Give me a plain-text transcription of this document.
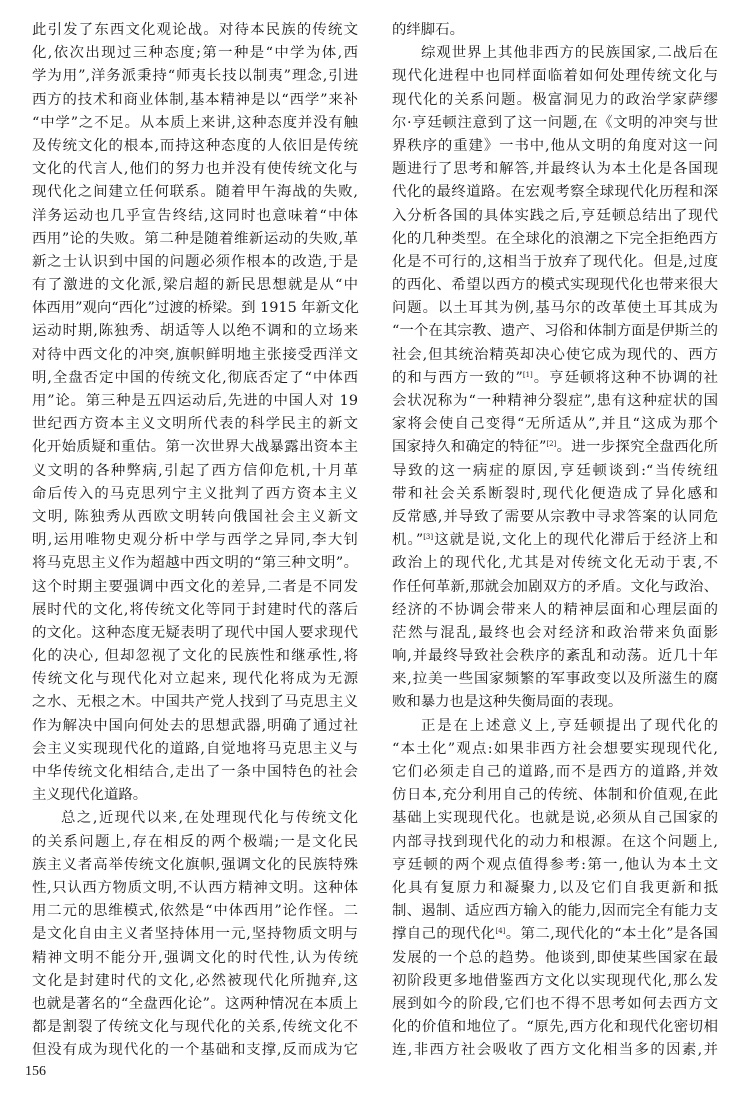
此引发了东西文化观论战。对待本民族的传统文
化,依次出现过三种态度;第一种是“中学为体,西
学为用”,洋务派秉持“师夷长技以制夷”理念,引进
西方的技术和商业体制,基本精神是以“西学”来补
“中学”之不足。从本质上来讲,这种态度并没有触
及传统文化的根本,而持这种态度的人依旧是传统
文化的代言人,他们的努力也并没有使传统文化与
现代化之间建立任何联系。随着甲午海战的失败,
洋务运动也几乎宣告终结,这同时也意味着“中体
西用”论的失败。第二种是随着维新运动的失败,革
新之士认识到中国的问题必须作根本的改造,于是
有了激进的文化派,梁启超的新民思想就是从“中
体西用”观向“西化”过渡的桥梁。到 1915 年新文化
运动时期,陈独秀、胡适等人以绝不调和的立场来
对待中西文化的冲突,旗帜鲜明地主张接受西洋文
明,全盘否定中国的传统文化,彻底否定了“中体西
用”论。第三种是五四运动后,先进的中国人对 19
世纪西方资本主义文明所代表的科学民主的新文
化开始质疑和重估。第一次世界大战暴露出资本主
义文明的各种弊病,引起了西方信仰危机,十月革
命后传入的马克思列宁主义批判了西方资本主义
文明, 陈独秀从西欧文明转向俄国社会主义新文
明,运用唯物史观分析中学与西学之异同,李大钊
将马克思主义作为超越中西文明的“第三种文明”。
这个时期主要强调中西文化的差异,二者是不同发
展时代的文化,将传统文化等同于封建时代的落后
的文化。这种态度无疑表明了现代中国人要求现代
化的决心, 但却忽视了文化的民族性和继承性,将
传统文化与现代化对立起来, 现代化将成为无源
之水、无根之木。中国共产党人找到了马克思主义
作为解决中国向何处去的思想武器,明确了通过社
会主义实现现代化的道路,自觉地将马克思主义与
中华传统文化相结合,走出了一条中国特色的社会
主义现代化道路。
总之,近现代以来,在处理现代化与传统文化
的关系问题上,存在相反的两个极端;一是文化民
族主义者高举传统文化旗帜,强调文化的民族特殊
性,只认西方物质文明,不认西方精神文明。这种体
用二元的思维模式,依然是“中体西用”论作怪。二
是文化自由主义者坚持体用一元,坚持物质文明与
精神文明不能分开,强调文化的时代性,认为传统
文化是封建时代的文化,必然被现代化所抛弃,这
也就是著名的“全盘西化论”。这两种情况在本质上
都是割裂了传统文化与现代化的关系,传统文化不
但没有成为现代化的一个基础和支撑,反而成为它
的绊脚石。
综观世界上其他非西方的民族国家,二战后在
现代化进程中也同样面临着如何处理传统文化与
现代化的关系问题。极富洞见力的政治学家萨缪
尔·亨廷顿注意到了这一问题,在《文明的冲突与世
界秩序的重建》一书中,他从文明的角度对这一问
题进行了思考和解答,并最终认为本土化是各国现
代化的最终道路。在宏观考察全球现代化历程和深
入分析各国的具体实践之后,亨廷顿总结出了现代
化的几种类型。在全球化的浪潮之下完全拒绝西方
化是不可行的,这相当于放弃了现代化。但是,过度
的西化、希望以西方的模式实现现代化也带来很大
问题。以土耳其为例,基马尔的改革使土耳其成为
“一个在其宗教、遗产、习俗和体制方面是伊斯兰的
社会,但其统治精英却决心使它成为现代的、西方
的和与西方一致的”[1]。亨廷顿将这种不协调的社
会状况称为“一种精神分裂症”,患有这种症状的国
家将会使自己变得“无所适从”,并且“这成为那个
国家持久和确定的特征”[2]。进一步探究全盘西化所
导致的这一病症的原因,亨廷顿谈到:“当传统纽
带和社会关系断裂时,现代化便造成了异化感和
反常感,并导致了需要从宗教中寻求答案的认同危
机。”[3]这就是说,文化上的现代化滞后于经济上和
政治上的现代化,尤其是对传统文化无动于衷,不
作任何革新,那就会加剧双方的矛盾。文化与政治、
经济的不协调会带来人的精神层面和心理层面的
茫然与混乱,最终也会对经济和政治带来负面影
响,并最终导致社会秩序的紊乱和动荡。近几十年
来,拉美一些国家频繁的军事政变以及所滋生的腐
败和暴力也是这种失衡局面的表现。
正是在上述意义上,亨廷顿提出了现代化的
“本土化”观点:如果非西方社会想要实现现代化,
它们必须走自己的道路,而不是西方的道路,并效
仿日本,充分利用自己的传统、体制和价值观,在此
基础上实现现代化。也就是说,必须从自己国家的
内部寻找到现代化的动力和根源。在这个问题上,
亨廷顿的两个观点值得参考:第一,他认为本土文
化具有复原力和凝聚力,以及它们自我更新和抵
制、遏制、适应西方输入的能力,因而完全有能力支
撑自己的现代化[4]。第二,现代化的“本土化”是各国
发展的一个总的趋势。他谈到,即使某些国家在最
初阶段更多地借鉴西方文化以实现现代化,那么发
展到如今的阶段,它们也不得不思考如何去西方文
化的价值和地位了。“原先,西方化和现代化密切相
连,非西方社会吸收了西方文化相当多的因素,并
156
